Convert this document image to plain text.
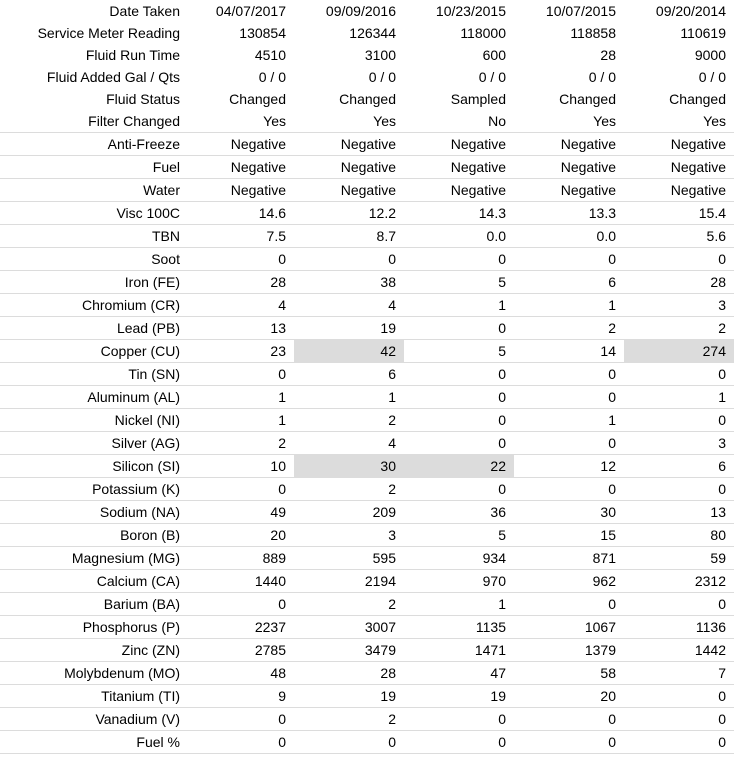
Date Taken	04/07/2017	09/09/2016	10/23/2015	10/07/2015	09/20/2014
Service Meter Reading	130854	126344	118000	118858	110619
Fluid Run Time	4510	3100	600	28	9000
Fluid Added Gal / Qts	0 / 0	0 / 0	0 / 0	0 / 0	0 / 0
Fluid Status	Changed	Changed	Sampled	Changed	Changed
Filter Changed	Yes	Yes	No	Yes	Yes
Anti-Freeze	Negative	Negative	Negative	Negative	Negative
Fuel	Negative	Negative	Negative	Negative	Negative
Water	Negative	Negative	Negative	Negative	Negative
Visc 100C	14.6	12.2	14.3	13.3	15.4
TBN	7.5	8.7	0.0	0.0	5.6
Soot	0	0	0	0	0
Iron (FE)	28	38	5	6	28
Chromium (CR)	4	4	1	1	3
Lead (PB)	13	19	0	2	2
Copper (CU)	23	42	5	14	274
Tin (SN)	0	6	0	0	0
Aluminum (AL)	1	1	0	0	1
Nickel (NI)	1	2	0	1	0
Silver (AG)	2	4	0	0	3
Silicon (SI)	10	30	22	12	6
Potassium (K)	0	2	0	0	0
Sodium (NA)	49	209	36	30	13
Boron (B)	20	3	5	15	80
Magnesium (MG)	889	595	934	871	59
Calcium (CA)	1440	2194	970	962	2312
Barium (BA)	0	2	1	0	0
Phosphorus (P)	2237	3007	1135	1067	1136
Zinc (ZN)	2785	3479	1471	1379	1442
Molybdenum (MO)	48	28	47	58	7
Titanium (TI)	9	19	19	20	0
Vanadium (V)	0	2	0	0	0
Fuel %	0	0	0	0	0
